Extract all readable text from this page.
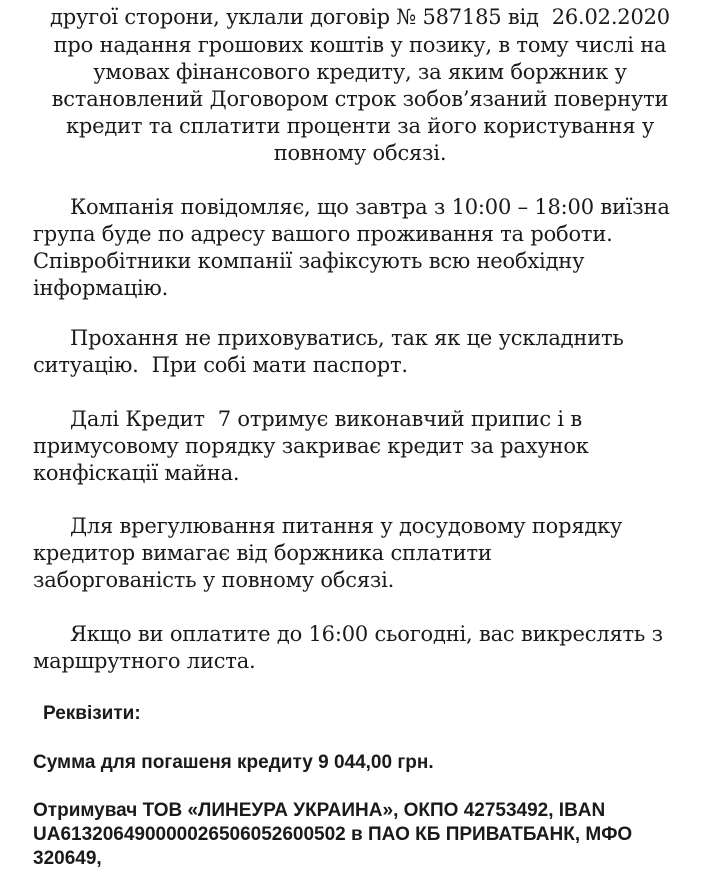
другої сторони, уклали договір № 587185 від  26.02.2020
про надання грошових коштів у позику, в тому числі на
умовах фінансового кредиту, за яким боржник у
встановлений Договором строк зобов’язаний повернути
кредит та сплатити проценти за його користування у
повному обсязі.
Компанія повідомляє, що завтра з 10:00 – 18:00 виїзна
група буде по адресу вашого проживання та роботи.
Співробітники компанії зафіксують всю необхідну
інформацію.
Прохання не приховуватись, так як це ускладнить
ситуацію.  При собі мати паспорт.
Далі Кредит  7 отримує виконавчий припис і в
примусовому порядку закриває кредит за рахунок
конфіскації майна.
Для врегулювання питання у досудовому порядку
кредитор вимагає від боржника сплатити
заборгованість у повному обсязі.
Якщо ви оплатите до 16:00 сьогодні, вас викреслять з
маршрутного листа.
Реквізити:
Сумма для погашеня кредиту 9 044,00 грн.
Отримувач ТОВ «ЛИНЕУРА УКРАИНА», ОКПО 42753492, IBAN
UA613206490000026506052600502 в ПАО КБ ПРИВАТБАНК, МФО
320649,
